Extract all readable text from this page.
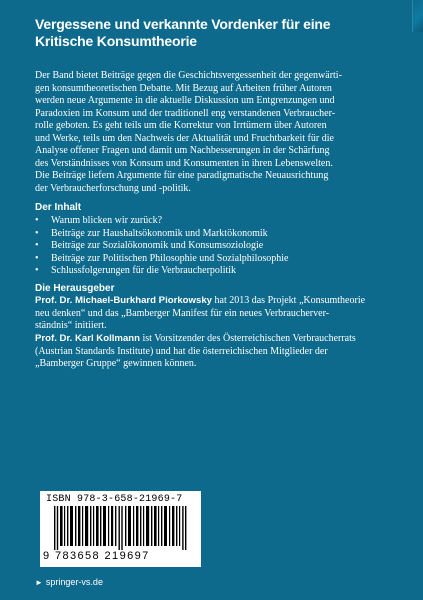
Vergessene und verkannte Vordenker für eine
Kritische Konsumtheorie
Der Band bietet Beiträge gegen die Geschichtsvergessenheit der gegenwärti-
gen konsumtheoretischen Debatte. Mit Bezug auf Arbeiten früher Autoren
werden neue Argumente in die aktuelle Diskussion um Entgrenzungen und
Paradoxien im Konsum und der traditionell eng verstandenen Verbraucher-
rolle geboten. Es geht teils um die Korrektur von Irrtümern über Autoren
und Werke, teils um den Nachweis der Aktualität und Fruchtbarkeit für die
Analyse offener Fragen und damit um Nachbesserungen in der Schärfung
des Verständnisses von Konsum und Konsumenten in ihren Lebenswelten.
Die Beiträge liefern Argumente für eine paradigmatische Neuausrichtung
der Verbraucherforschung und -politik.
Der Inhalt
•	Warum blicken wir zurück?
•	Beiträge zur Haushaltsökonomik und Marktökonomik
•	Beiträge zur Sozialökonomik und Konsumsoziologie
•	Beiträge zur Politischen Philosophie und Sozialphilosophie
•	Schlussfolgerungen für die Verbraucherpolitik
Die Herausgeber
Prof. Dr. Michael-Burkhard Piorkowsky hat 2013 das Projekt „Konsumtheorie
neu denken“ und das „Bamberger Manifest für ein neues Verbraucherver-
ständnis“ initiiert.
Prof. Dr. Karl Kollmann ist Vorsitzender des Österreichischen Verbraucherrats
(Austrian Standards Institute) und hat die österreichischen Mitglieder der
„Bamberger Gruppe“ gewinnen können.
ISBN 978-3-658-21969-7
9 783658 219697
► springer-vs.de
